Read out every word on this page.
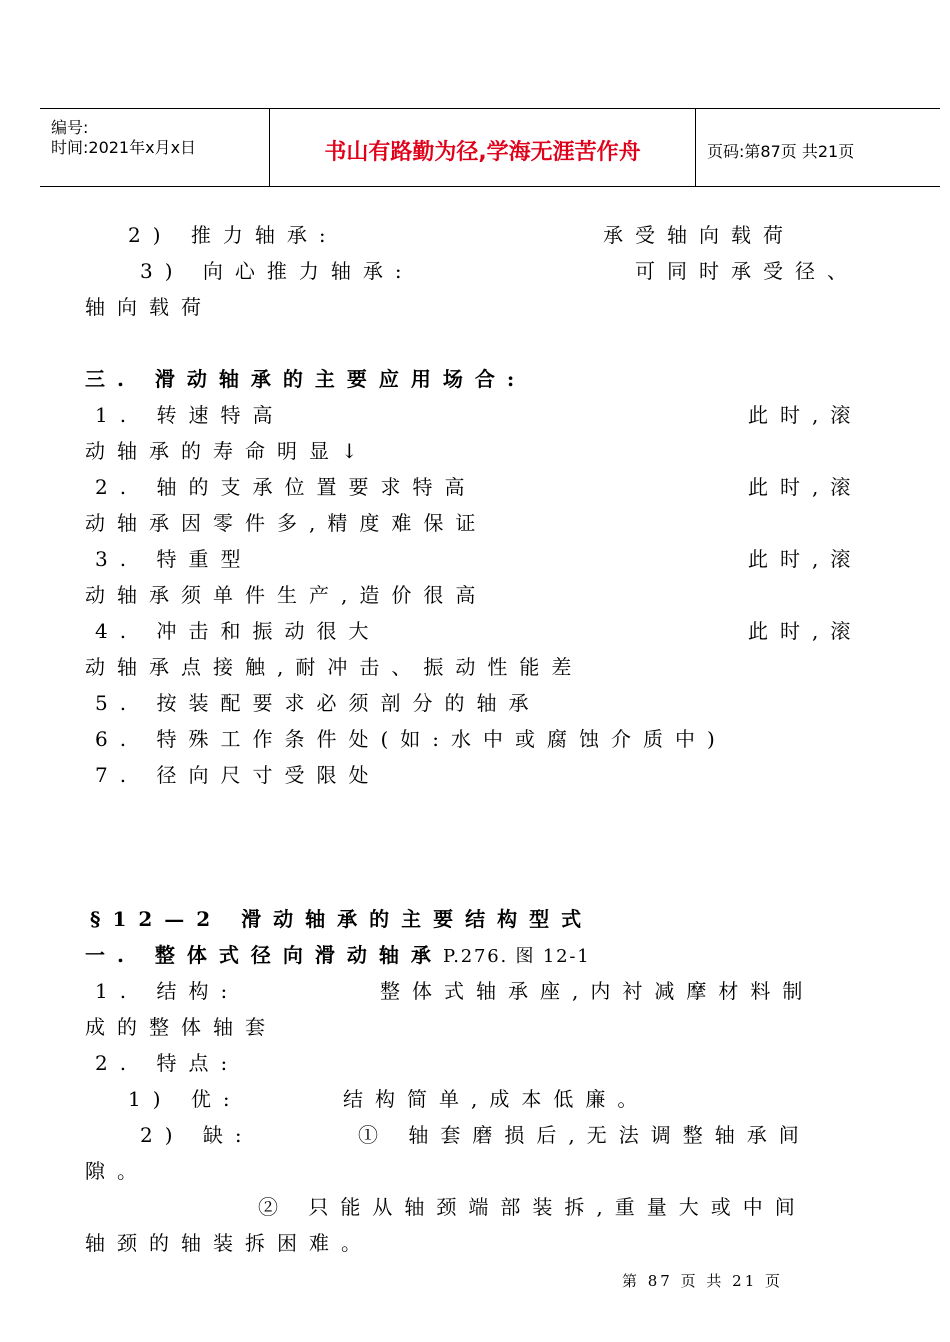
编号:
时间:2021年x月x日	书山有路勤为径,学海无涯苦作舟	页码:第87页 共21页
2) 推力轴承:	承受轴向载荷
3) 向心推力轴承:	可同时承受径、
轴向载荷
三. 滑动轴承的主要应用场合:
1. 转速特高	此时,滚
动轴承的寿命明显↓
2. 轴的支承位置要求特高	此时,滚
动轴承因零件多,精度难保证
3. 特重型	此时,滚
动轴承须单件生产,造价很高
4. 冲击和振动很大	此时,滚
动轴承点接触,耐冲击、振动性能差
5. 按装配要求必须剖分的轴承
6. 特殊工作条件处(如:水中或腐蚀介质中)
7. 径向尺寸受限处
§12—2 滑动轴承的主要结构型式
一. 整体式径向滑动轴承P.276. 图 12-1
1. 结构:	整体式轴承座,内衬减摩材料制
成的整体轴套
2. 特点:
1) 优:	结构简单,成本低廉。
2) 缺:	① 轴套磨损后,无法调整轴承间
隙。
② 只能从轴颈端部装拆,重量大或中间
轴颈的轴装拆困难。
第 87 页 共 21 页
